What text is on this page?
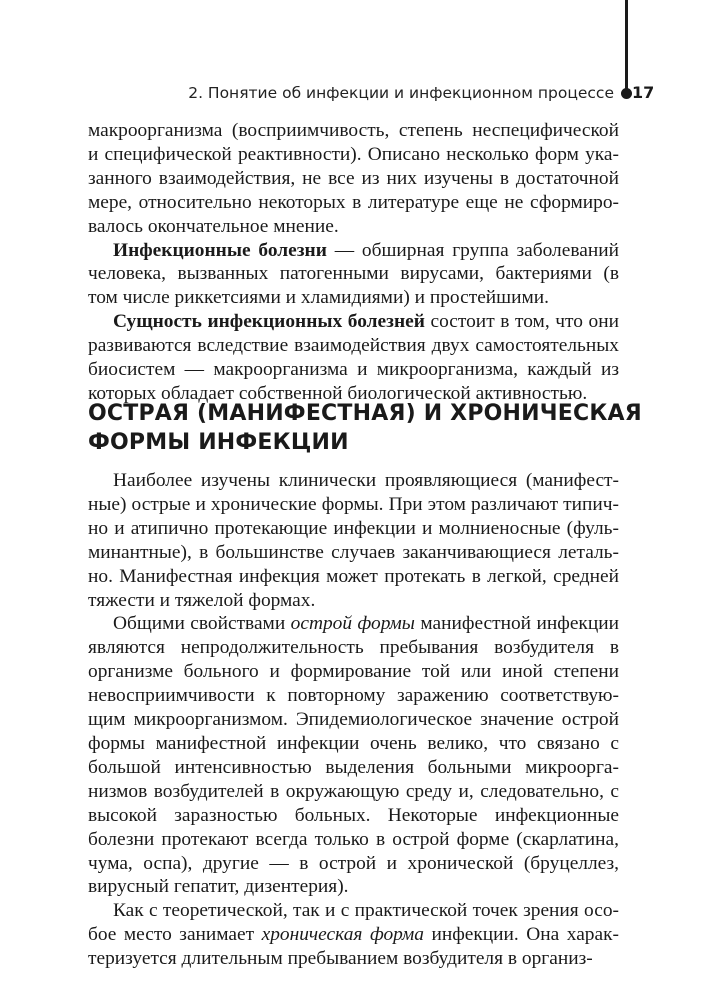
2. Понятие об инфекции и инфекционном процессе 17

макроорганизма (восприимчивость, степень неспецифической и специфической реактивности). Описано несколько форм указанного взаимодействия, не все из них изучены в достаточной мере, относительно некоторых в литературе еще не сформировалось окончательное мнение.

Инфекционные болезни — обширная группа заболеваний человека, вызванных патогенными вирусами, бактериями (в том числе риккетсиями и хламидиями) и простейшими.

Сущность инфекционных болезней состоит в том, что они развиваются вследствие взаимодействия двух самостоятельных биосистем — макроорганизма и микроорганизма, каждый из которых обладает собственной биологической активностью.

ОСТРАЯ (МАНИФЕСТНАЯ) И ХРОНИЧЕСКАЯ ФОРМЫ ИНФЕКЦИИ

Наиболее изучены клинически проявляющиеся (манифестные) острые и хронические формы. При этом различают типично и атипично протекающие инфекции и молниеносные (фульминантные), в большинстве случаев заканчивающиеся летально. Манифестная инфекция может протекать в легкой, средней тяжести и тяжелой формах.

Общими свойствами острой формы манифестной инфекции являются непродолжительность пребывания возбудителя в организме больного и формирование той или иной степени невосприимчивости к повторному заражению соответствующим микроорганизмом. Эпидемиологическое значение острой формы манифестной инфекции очень велико, что связано с большой интенсивностью выделения больными микроорганизмов возбудителей в окружающую среду и, следовательно, с высокой заразностью больных. Некоторые инфекционные болезни протекают всегда только в острой форме (скарлатина, чума, оспа), другие — в острой и хронической (бруцеллез, вирусный гепатит, дизентерия).

Как с теоретической, так и с практической точек зрения особое место занимает хроническая форма инфекции. Она характеризуется длительным пребыванием возбудителя в организ-
